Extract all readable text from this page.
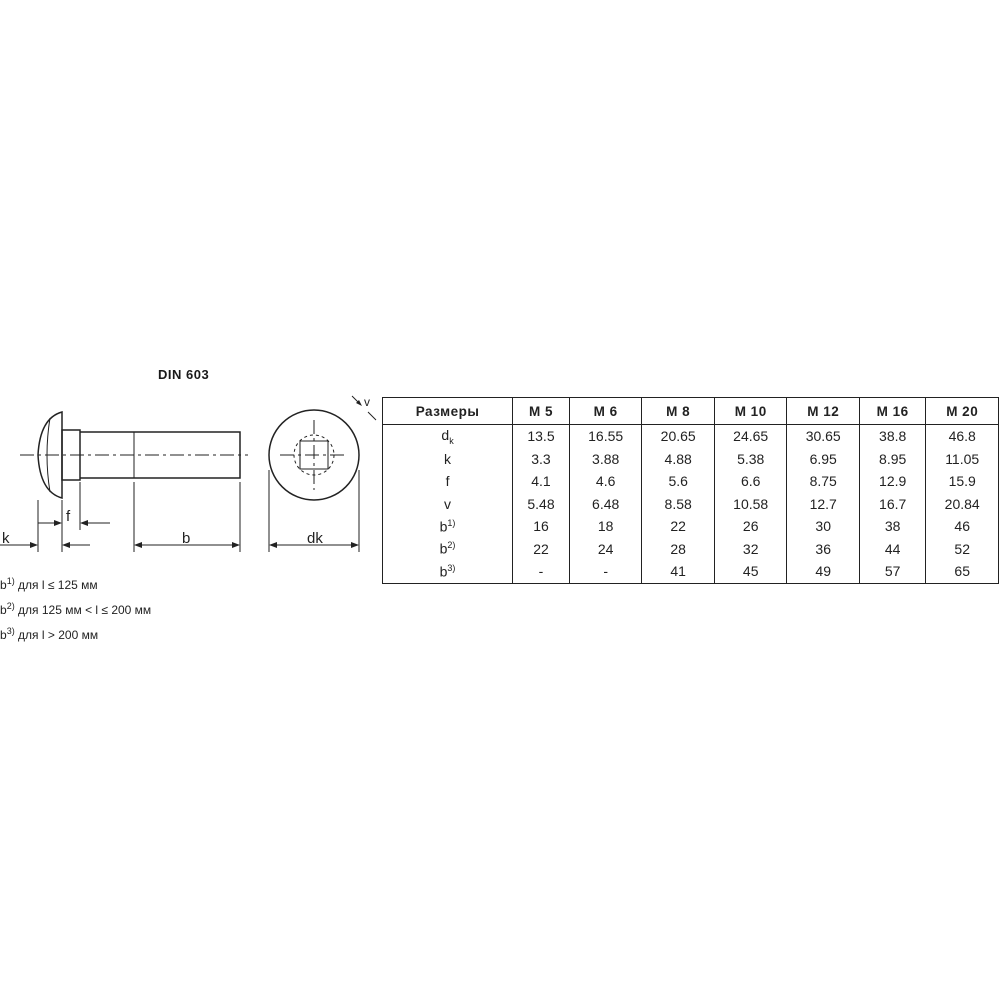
DIN 603
k
f
b	dk
v
$b^{1)}$ для l ≤ 125 мм
$b^{2)}$ для 125 мм < l ≤ 200 мм
$b^{3)}$ для l > 200 мм
Размеры	M 5	M 6	M 8	M 10	M 12	M 16	M 20
$d_k$	13.5	16.55	20.65	24.65	30.65	38.8	46.8
k	3.3	3.88	4.88	5.38	6.95	8.95	11.05
f	4.1	4.6	5.6	6.6	8.75	12.9	15.9
v	5.48	6.48	8.58	10.58	12.7	16.7	20.84
$b^{1)}$	16	18	22	26	30	38	46
$b^{2)}$	22	24	28	32	36	44	52
$b^{3)}$	-	-	41	45	49	57	65
